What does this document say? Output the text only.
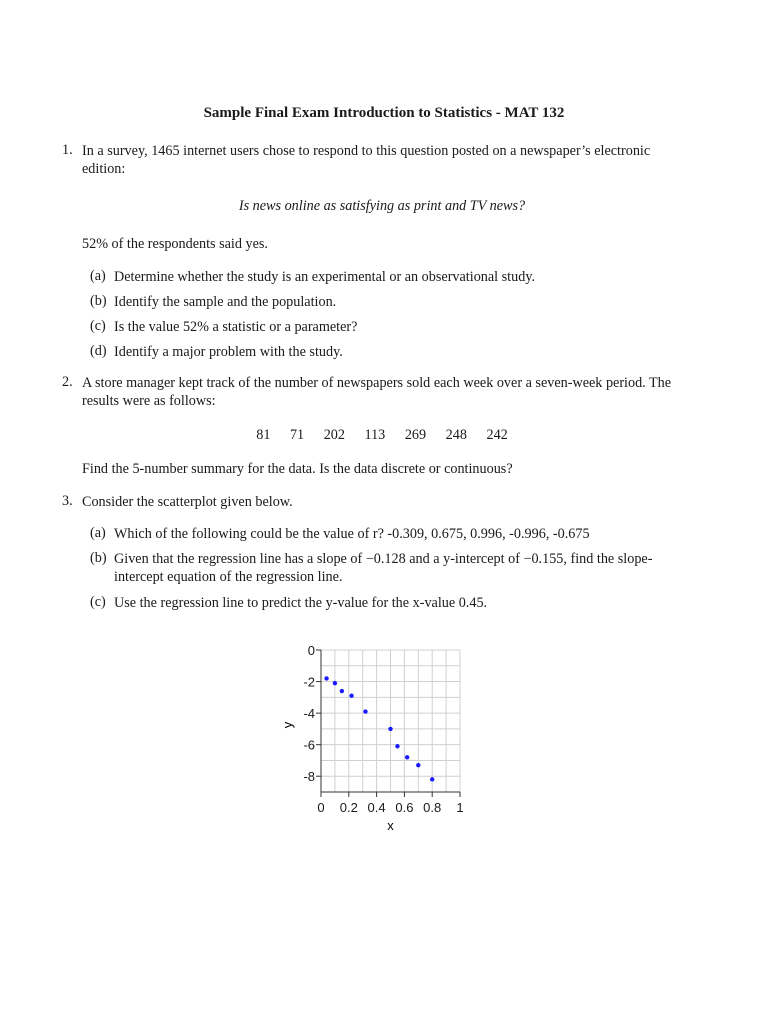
Sample Final Exam Introduction to Statistics - MAT 132
1. In a survey, 1465 internet users chose to respond to this question posted on a newspaper’s electronic edition:
Is news online as satisfying as print and TV news?
52% of the respondents said yes.
(a) Determine whether the study is an experimental or an observational study.
(b) Identify the sample and the population.
(c) Is the value 52% a statistic or a parameter?
(d) Identify a major problem with the study.
2. A store manager kept track of the number of newspapers sold each week over a seven-week period. The results were as follows:
81 71 202 113 269 248 242
Find the 5-number summary for the data. Is the data discrete or continuous?
3. Consider the scatterplot given below.
(a) Which of the following could be the value of r? -0.309, 0.675, 0.996, -0.996, -0.675
(b) Given that the regression line has a slope of −0.128 and a y-intercept of −0.155, find the slope-intercept equation of the regression line.
(c) Use the regression line to predict the y-value for the x-value 0.45.
0 0.2 0.4 0.6 0.8 1
0
-2
-4
-6
-8
x
y
